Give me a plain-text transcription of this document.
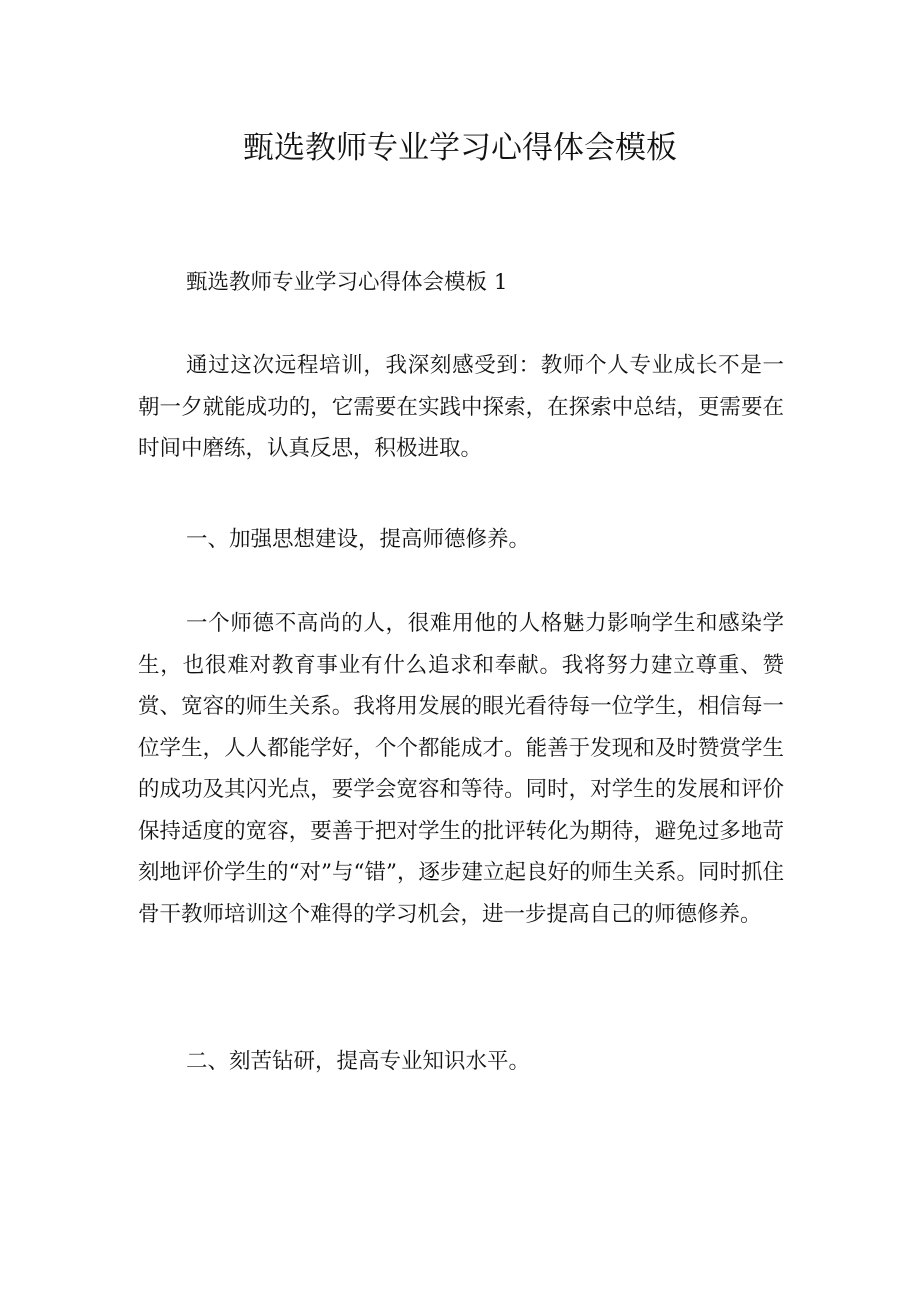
甄选教师专业学习心得体会模板

甄选教师专业学习心得体会模板 1

通过这次远程培训，我深刻感受到：教师个人专业成长不是一朝一夕就能成功的，它需要在实践中探索，在探索中总结，更需要在时间中磨练，认真反思，积极进取。

一、加强思想建设，提高师德修养。

一个师德不高尚的人，很难用他的人格魅力影响学生和感染学生，也很难对教育事业有什么追求和奉献。我将努力建立尊重、赞赏、宽容的师生关系。我将用发展的眼光看待每一位学生，相信每一位学生，人人都能学好，个个都能成才。能善于发现和及时赞赏学生的成功及其闪光点，要学会宽容和等待。同时，对学生的发展和评价保持适度的宽容，要善于把对学生的批评转化为期待，避免过多地苛刻地评价学生的“对”与“错”，逐步建立起良好的师生关系。同时抓住骨干教师培训这个难得的学习机会，进一步提高自己的师德修养。

二、刻苦钻研，提高专业知识水平。
